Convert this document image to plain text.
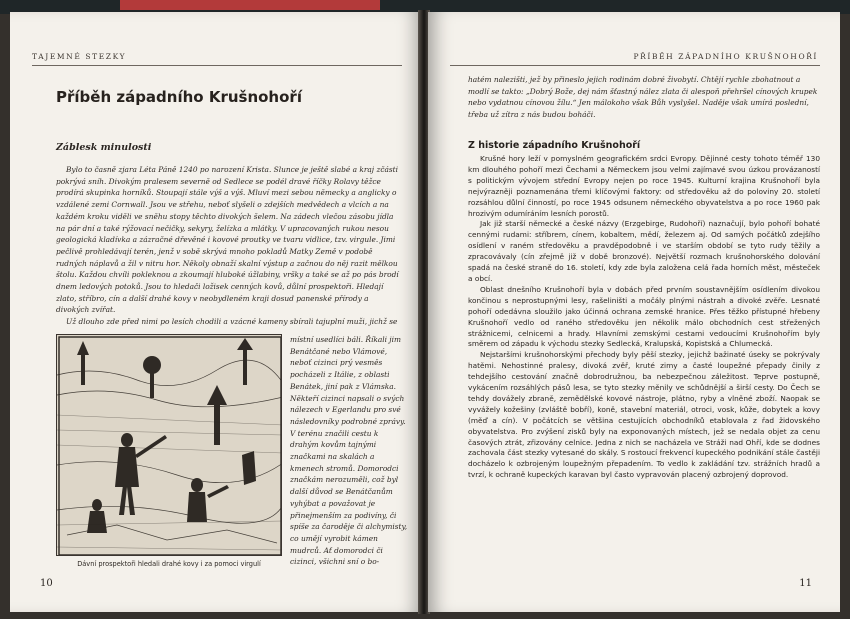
TAJEMNÉ STEZKY
Příběh západního Krušnohoří
Záblesk minulosti

Bylo to časně zjara Léta Páně 1240 po narození Krista. Slunce je ještě slabé a kraj zčásti pokrývá sníh. Divokým pralesem severně od Sedlece se podél dravé říčky Rolavy těžce prodírá skupinka horníků. Stoupají stále výš a výš. Mluví mezi sebou německy a anglicky o vzdálené zemi Cornwall. Jsou ve střehu, neboť slyšeli o zdejších medvědech a vlcích a na každém kroku viděli ve sněhu stopy těchto divokých šelem. Na zádech vlečou zásobu jídla na pár dní a také rýžovací nečičky, sekyry, želízka a mlátky. V upracovaných rukou nesou geologická kladívka a zázračné dřevěné i kovové proutky ve tvaru vidlice, tzv. virgule. Jimi pečlivě prohledávají terén, jenž v sobě skrývá mnoho pokladů Matky Země v podobě rudných náplavů a žil v nitru hor. Několy obnaží skalní výstup a začnou do něj razit mělkou štolu. Každou chvíli pokleknou a zkoumají hluboké úžlabiny, vršky a také se až po pás brodí dnem ledových potoků. Jsou to hledači ložisek cenných kovů, důlní prospektoři. Hledají zlato, stříbro, cín a další drahé kovy v neobydleném kraji dosud panenské přírody a divokých zvířat.

Už dlouho zde před nimi po lesích chodili a vzácné kameny sbírali tajuplní muži, jichž se

Dávní prospektoři hledali drahé kovy i za pomoci virgulí

místní usedlíci báli. Říkali jim Benátčané nebo Vlámové, neboť cizinci prý vesměs pocházeli z Itálie, z oblasti Benátek, jiní pak z Vlámska. Někteří cizinci napsali o svých nálezech v Egerlandu pro své následovníky podrobné zprávy. V terénu značili cestu k drahým kovům tajnými značkami na skalách a kmenech stromů. Domorodci značkám nerozuměli, což byl další důvod se Benátčanům vyhýbat a považovat je přinejmenším za podivíny, či spíše za čaroděje či alchymisty, co umějí vyrobit kámen mudrců. Ať domorodci či cizinci, všichni sní o bo-

10
PŘÍBĚH ZÁPADNÍHO KRUŠNOHOŘÍ

hatém nalezišti, jež by přineslo jejich rodinám dobré živobytí. Chtějí rychle zbohatnout a modlí se takto: „Dobrý Bože, dej nám šťastný nález zlata či alespoň přehršel cínových krupek nebo vydatnou cínovou žílu.“ Jen málokoho však Bůh vyslyšel. Naděje však umírá poslední, třeba už zítra z nás budou boháči.

Z historie západního Krušnohoří

Krušné hory leží v pomyslném geografickém srdci Evropy. Dějinné cesty tohoto téměř 130 km dlouhého pohoří mezi Čechami a Německem jsou velmi zajímavé svou úzkou provázaností s politickým vývojem střední Evropy nejen po roce 1945. Kulturní krajina Krušnohoří byla nejvýrazněji poznamenána třemi klíčovými faktory: od středověku až do poloviny 20. století rozsáhlou důlní činností, po roce 1945 odsunem německého obyvatelstva a po roce 1960 pak hrozivým odumíráním lesních porostů.

Jak již starší německé a české názvy (Erzgebirge, Rudohoří) naznačují, bylo pohoří bohaté cennými rudami: stříbrem, cínem, kobaltem, mědí, železem aj. Od samých počátků zdejšího osídlení v raném středověku a pravděpodobně i ve starším období se tyto rudy těžily a zpracovávaly (cín zřejmě již v době bronzové). Největší rozmach krušnohorského dolování spadá na české straně do 16. století, kdy zde byla založena celá řada horních měst, městeček a obcí.

Oblast dnešního Krušnohoří byla v dobách před prvním soustavnějším osídlením divokou končinou s neprostupnými lesy, rašeliništi a močály plnými nástrah a divoké zvěře. Lesnaté pohoří odedávna sloužilo jako účinná ochrana zemské hranice. Přes těžko přístupné hřebeny Krušnohoří vedlo od raného středověku jen několik málo obchodních cest střežených strážnicemi, celnicemi a hrady. Hlavními zemskými cestami vedoucími Krušnohořím byly směrem od západu k východu stezky Sedlecká, Kralupská, Kopistská a Chlumecká.

Nejstaršími krušnohorskými přechody byly pěší stezky, jejichž bažinaté úseky se pokrývaly hatěmi. Nehostinné pralesy, divoká zvěř, kruté zimy a časté loupežné přepady činily z tehdejšího cestování značně dobrodružnou, ba nebezpečnou záležitost. Teprve postupně, vykácením rozsáhlých pásů lesa, se tyto stezky měnily ve schůdnější a širší cesty. Do Čech se tehdy dovážely zbraně, zemědělské kovové nástroje, plátno, ryby a vlněné zboží. Naopak se vyvážely kožešiny (zvláště bobří), koně, stavební materiál, otroci, vosk, kůže, dobytek a kovy (měď a cín). V počátcích se většina cestujících obchodníků etablovala z řad židovského obyvatelstva. Pro zvýšení zisků byly na exponovaných místech, jež se nedala objet za cenu časových ztrát, zřizovány celnice. Jedna z nich se nacházela ve Stráži nad Ohří, kde se dodnes zachovala část stezky vytesané do skály. S rostoucí frekvencí kupeckého podnikání stále častěji docházelo k ozbrojeným loupežným přepadením. To vedlo k zakládání tzv. strážních hradů a tvrzí, k ochraně kupeckých karavan byl často vypravován placený ozbrojený doprovod.

11
